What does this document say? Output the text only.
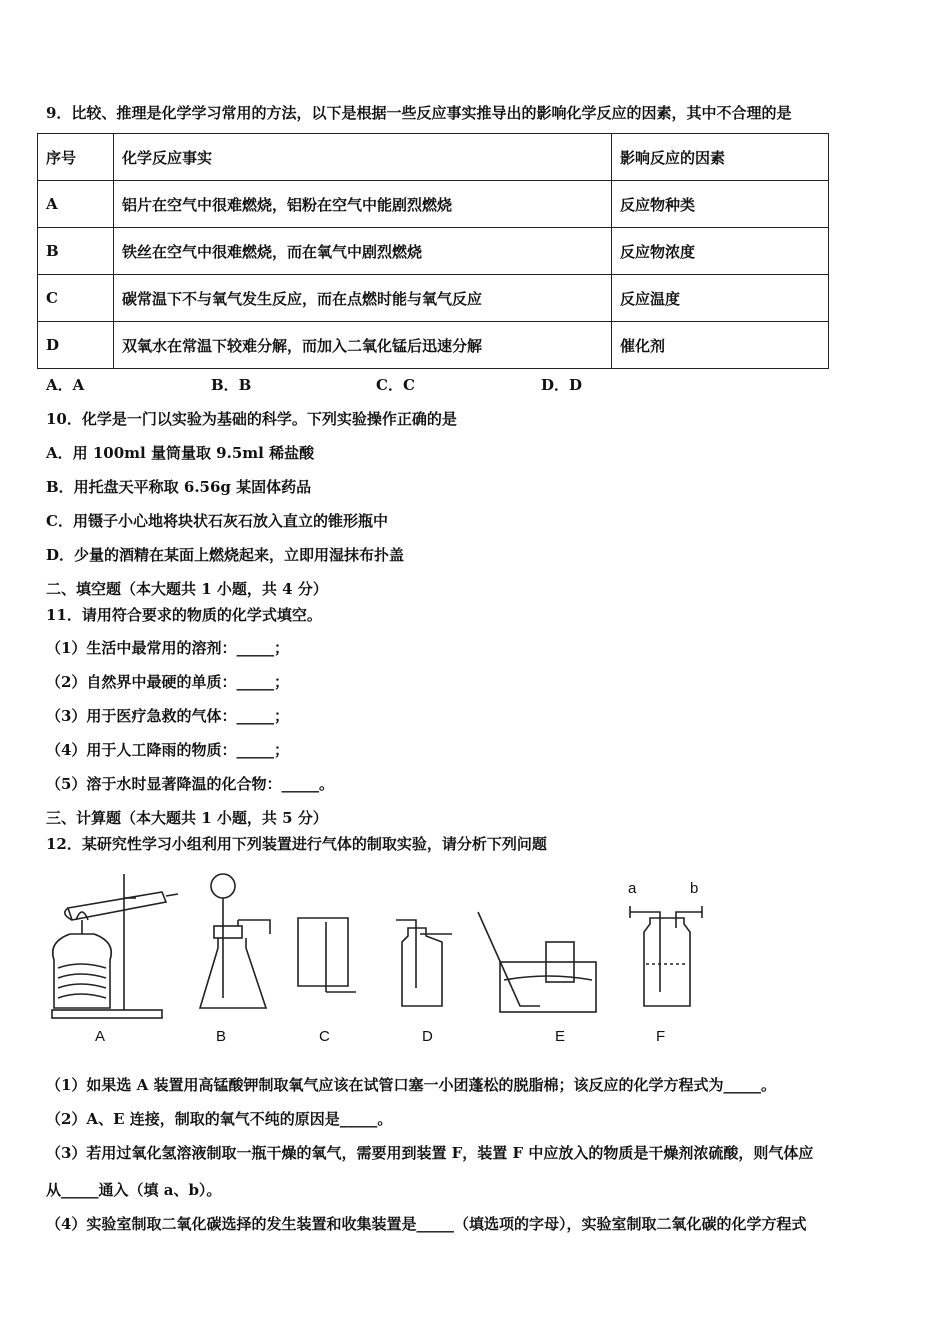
9．比较、推理是化学学习常用的方法，以下是根据一些反应事实推导出的影响化学反应的因素，其中不合理的是
序号	化学反应事实	影响反应的因素
A	铝片在空气中很难燃烧，铝粉在空气中能剧烈燃烧	反应物种类
B	铁丝在空气中很难燃烧，而在氧气中剧烈燃烧	反应物浓度
C	碳常温下不与氧气发生反应，而在点燃时能与氧气反应	反应温度
D	双氧水在常温下较难分解，而加入二氧化锰后迅速分解	催化剂
A．A	B．B	C．C	D．D
10．化学是一门以实验为基础的科学。下列实验操作正确的是
A．用 100ml 量筒量取 9.5ml 稀盐酸
B．用托盘天平称取 6.56g 某固体药品
C．用镊子小心地将块状石灰石放入直立的锥形瓶中
D．少量的酒精在某面上燃烧起来，立即用湿抹布扑盖
二、填空题（本大题共 1 小题，共 4 分）
11．请用符合要求的物质的化学式填空。
（1）生活中最常用的溶剂：_____；
（2）自然界中最硬的单质：_____；
（3）用于医疗急救的气体：_____；
（4）用于人工降雨的物质：_____；
（5）溶于水时显著降温的化合物：_____。
三、计算题（本大题共 1 小题，共 5 分）
12．某研究性学习小组利用下列装置进行气体的制取实验，请分析下列问题
A	B	C	D	E	F
a	b
（1）如果选 A 装置用高锰酸钾制取氧气应该在试管口塞一小团蓬松的脱脂棉；该反应的化学方程式为_____。
（2）A、E 连接，制取的氧气不纯的原因是_____。
（3）若用过氧化氢溶液制取一瓶干燥的氧气，需要用到装置 F，装置 F 中应放入的物质是干燥剂浓硫酸，则气体应
从_____通入（填 a、b）。
（4）实验室制取二氧化碳选择的发生装置和收集装置是_____（填选项的字母），实验室制取二氧化碳的化学方程式
